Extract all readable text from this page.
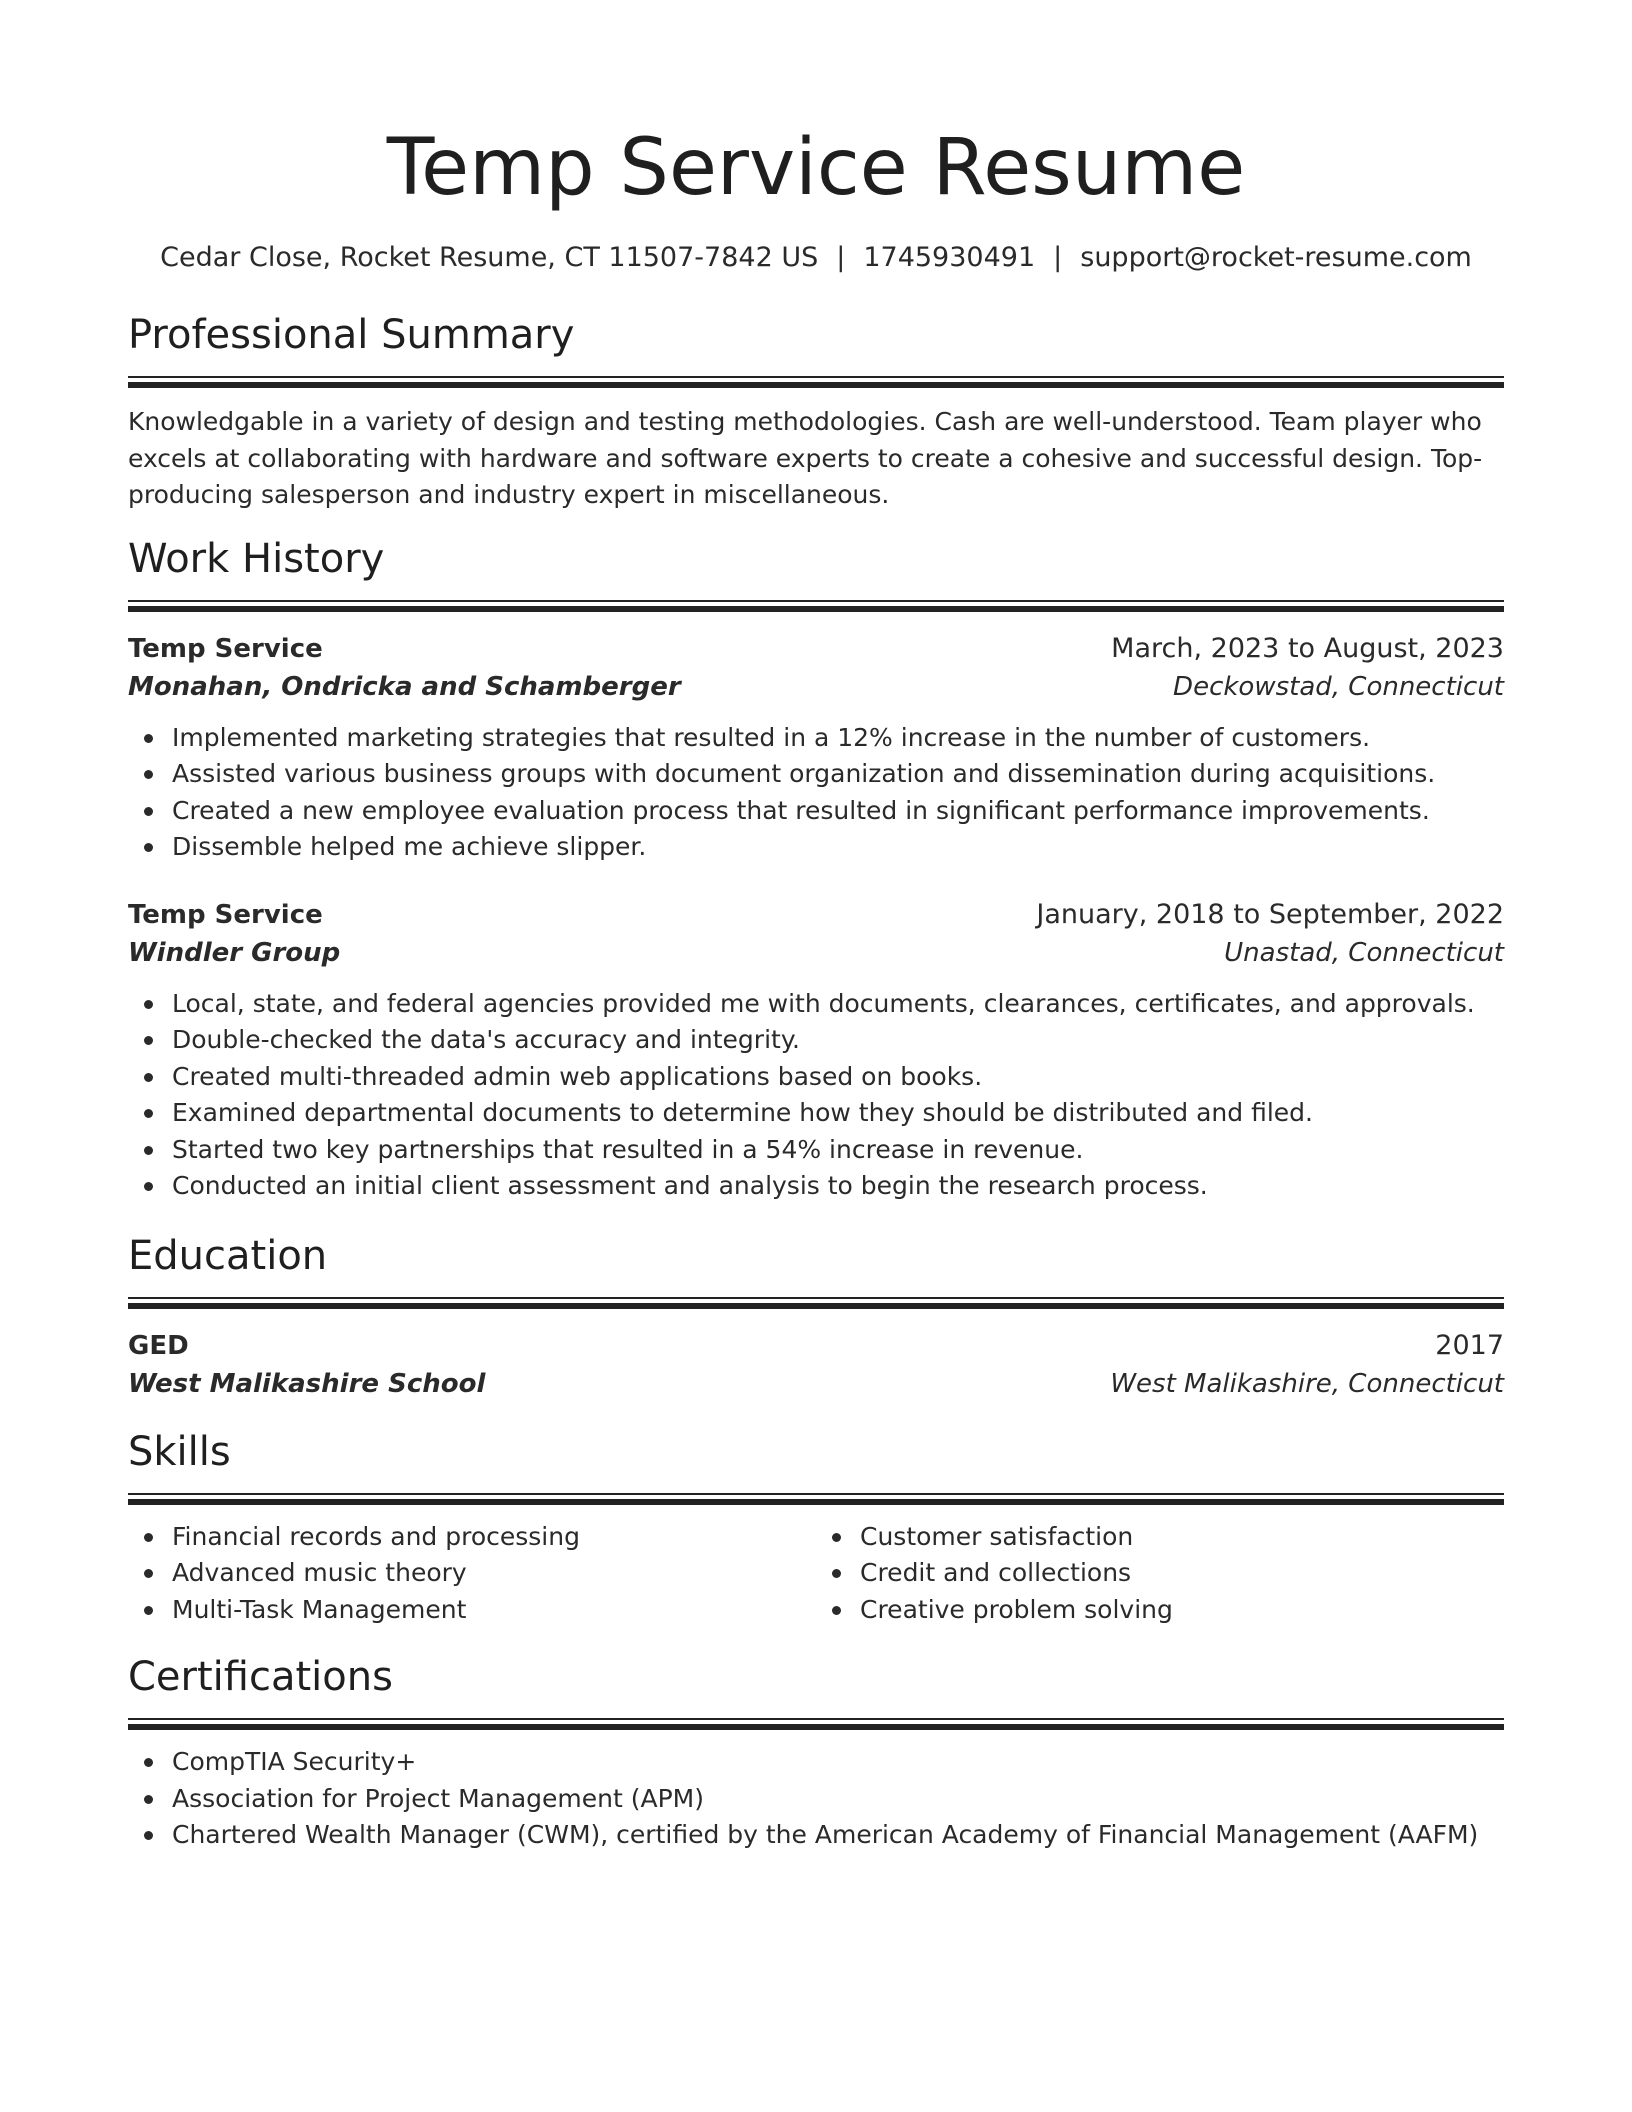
Temp Service Resume
Cedar Close, Rocket Resume, CT 11507-7842 US | 1745930491 | support@rocket-resume.com
Professional Summary

Knowledgable in a variety of design and testing methodologies. Cash are well-understood. Team player who excels at collaborating with hardware and software experts to create a cohesive and successful design. Top-producing salesperson and industry expert in miscellaneous.

Work History
Temp Service	March, 2023 to August, 2023
Monahan, Ondricka and Schamberger	Deckowstad, Connecticut
Implemented marketing strategies that resulted in a 12% increase in the number of customers.
Assisted various business groups with document organization and dissemination during acquisitions.
Created a new employee evaluation process that resulted in significant performance improvements.
Dissemble helped me achieve slipper.
Temp Service	January, 2018 to September, 2022
Windler Group	Unastad, Connecticut
Local, state, and federal agencies provided me with documents, clearances, certificates, and approvals.
Double-checked the data's accuracy and integrity.
Created multi-threaded admin web applications based on books.
Examined departmental documents to determine how they should be distributed and filed.
Started two key partnerships that resulted in a 54% increase in revenue.
Conducted an initial client assessment and analysis to begin the research process.
Education
GED	2017
West Malikashire School	West Malikashire, Connecticut
Skills
Financial records and processing
Advanced music theory
Multi-Task Management
Customer satisfaction
Credit and collections
Creative problem solving
Certifications
CompTIA Security+
Association for Project Management (APM)
Chartered Wealth Manager (CWM), certified by the American Academy of Financial Management (AAFM)
